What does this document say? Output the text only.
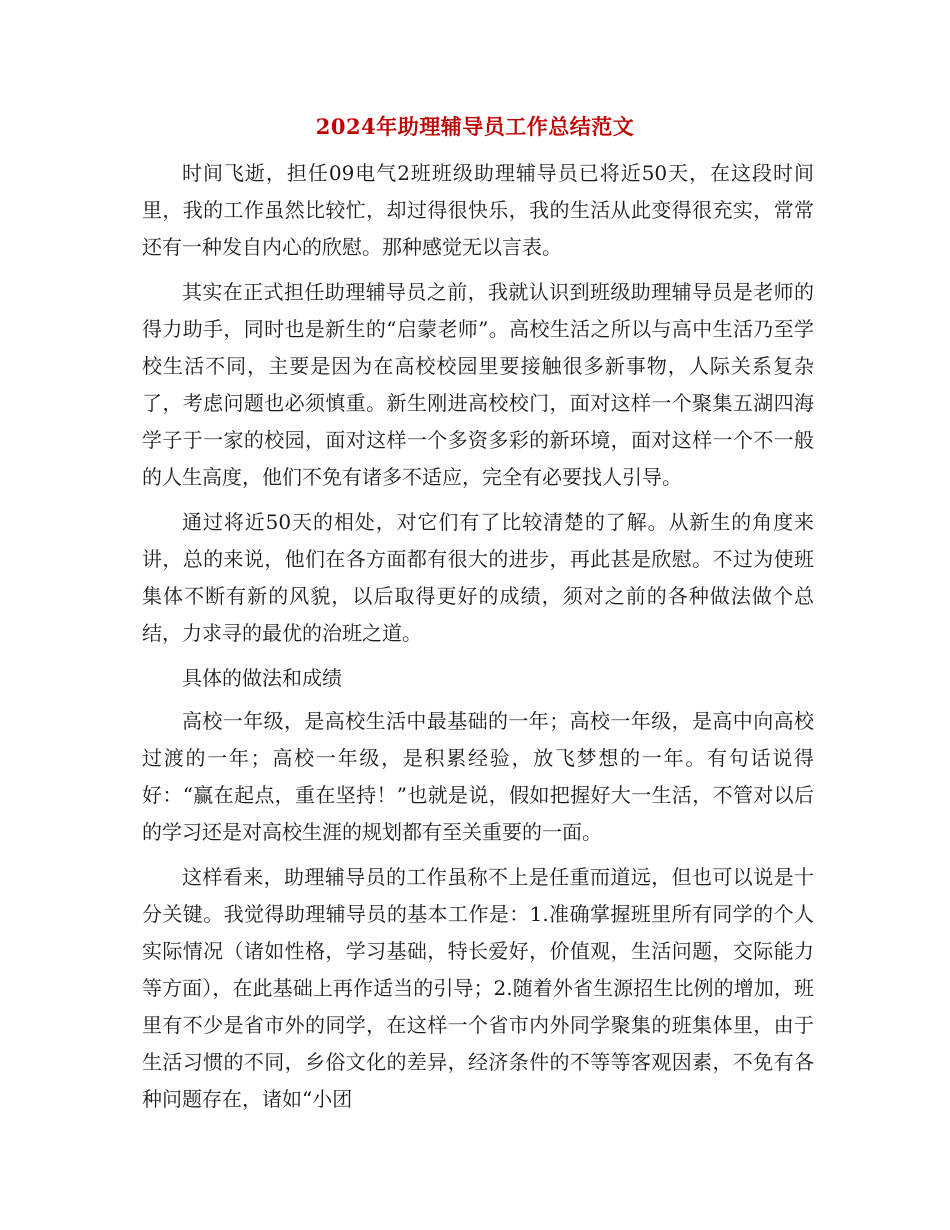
2024年助理辅导员工作总结范文

时间飞逝，担任09电气2班班级助理辅导员已将近50天，在这段时间里，我的工作虽然比较忙，却过得很快乐，我的生活从此变得很充实，常常还有一种发自内心的欣慰。那种感觉无以言表。

其实在正式担任助理辅导员之前，我就认识到班级助理辅导员是老师的得力助手，同时也是新生的“启蒙老师”。高校生活之所以与高中生活乃至学校生活不同，主要是因为在高校校园里要接触很多新事物，人际关系复杂了，考虑问题也必须慎重。新生刚进高校校门，面对这样一个聚集五湖四海学子于一家的校园，面对这样一个多资多彩的新环境，面对这样一个不一般的人生高度，他们不免有诸多不适应，完全有必要找人引导。

通过将近50天的相处，对它们有了比较清楚的了解。从新生的角度来讲，总的来说，他们在各方面都有很大的进步，再此甚是欣慰。不过为使班集体不断有新的风貌，以后取得更好的成绩，须对之前的各种做法做个总结，力求寻的最优的治班之道。

具体的做法和成绩

高校一年级，是高校生活中最基础的一年；高校一年级，是高中向高校过渡的一年；高校一年级，是积累经验，放飞梦想的一年。有句话说得好：“赢在起点，重在坚持！”也就是说，假如把握好大一生活，不管对以后的学习还是对高校生涯的规划都有至关重要的一面。

这样看来，助理辅导员的工作虽称不上是任重而道远，但也可以说是十分关键。我觉得助理辅导员的基本工作是：1.准确掌握班里所有同学的个人实际情况（诸如性格，学习基础，特长爱好，价值观，生活问题，交际能力等方面），在此基础上再作适当的引导；2.随着外省生源招生比例的增加，班里有不少是省市外的同学，在这样一个省市内外同学聚集的班集体里，由于生活习惯的不同，乡俗文化的差异，经济条件的不等等客观因素，不免有各种问题存在，诸如“小团
